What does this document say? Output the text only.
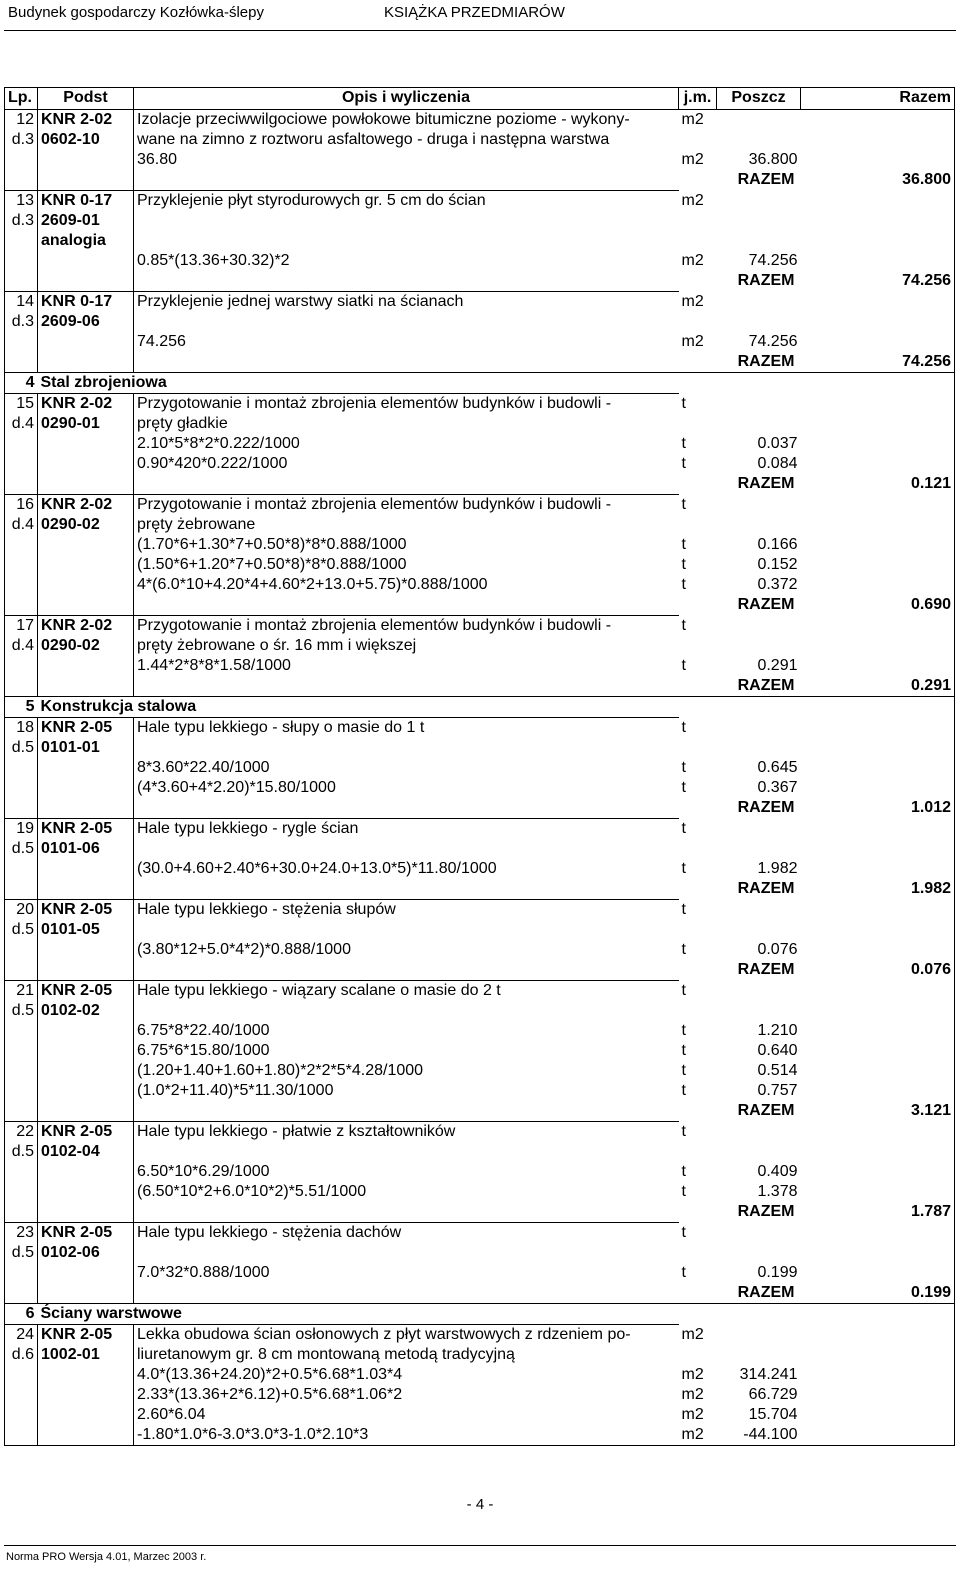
Budynek gospodarczy Kozłówka-ślepy	KSIĄŻKA PRZEDMIARÓW
Lp.	Podst	Opis i wyliczenia	j.m.	Poszcz	Razem
12	KNR 2-02	Izolacje przeciwwilgociowe powłokowe bitumiczne poziome - wykony-	m2		
d.3	0602-10	wane na zimno z roztworu asfaltowego - druga i następna warstwa			
		36.80	m2	36.800	
		RAZEM			36.800
13	KNR 0-17	Przyklejenie płyt styrodurowych gr. 5 cm do ścian	m2		
d.3	2609-01				
	analogia				
		0.85*(13.36+30.32)*2	m2	74.256	
		RAZEM			74.256
14	KNR 0-17	Przyklejenie jednej warstwy siatki na ścianach	m2		
d.3	2609-06				
		74.256	m2	74.256	
		RAZEM			74.256
4	Stal zbrojeniowa				
15	KNR 2-02	Przygotowanie i montaż zbrojenia elementów budynków i budowli -	t		
d.4	0290-01	pręty gładkie			
		2.10*5*8*2*0.222/1000	t	0.037	
		0.90*420*0.222/1000	t	0.084	
		RAZEM			0.121
16	KNR 2-02	Przygotowanie i montaż zbrojenia elementów budynków i budowli -	t		
d.4	0290-02	pręty żebrowane			
		(1.70*6+1.30*7+0.50*8)*8*0.888/1000	t	0.166	
		(1.50*6+1.20*7+0.50*8)*8*0.888/1000	t	0.152	
		4*(6.0*10+4.20*4+4.60*2+13.0+5.75)*0.888/1000	t	0.372	
		RAZEM			0.690
17	KNR 2-02	Przygotowanie i montaż zbrojenia elementów budynków i budowli -	t		
d.4	0290-02	pręty żebrowane o śr. 16 mm i większej			
		1.44*2*8*8*1.58/1000	t	0.291	
		RAZEM			0.291
5	Konstrukcja stalowa				
18	KNR 2-05	Hale typu lekkiego - słupy o masie do 1 t	t		
d.5	0101-01				
		8*3.60*22.40/1000	t	0.645	
		(4*3.60+4*2.20)*15.80/1000	t	0.367	
		RAZEM			1.012
19	KNR 2-05	Hale typu lekkiego - rygle ścian	t		
d.5	0101-06				
		(30.0+4.60+2.40*6+30.0+24.0+13.0*5)*11.80/1000	t	1.982	
		RAZEM			1.982
20	KNR 2-05	Hale typu lekkiego - stężenia słupów	t		
d.5	0101-05				
		(3.80*12+5.0*4*2)*0.888/1000	t	0.076	
		RAZEM			0.076
21	KNR 2-05	Hale typu lekkiego - wiązary scalane o masie do 2 t	t		
d.5	0102-02				
		6.75*8*22.40/1000	t	1.210	
		6.75*6*15.80/1000	t	0.640	
		(1.20+1.40+1.60+1.80)*2*2*5*4.28/1000	t	0.514	
		(1.0*2+11.40)*5*11.30/1000	t	0.757	
		RAZEM			3.121
22	KNR 2-05	Hale typu lekkiego - płatwie z kształtowników	t		
d.5	0102-04				
		6.50*10*6.29/1000	t	0.409	
		(6.50*10*2+6.0*10*2)*5.51/1000	t	1.378	
		RAZEM			1.787
23	KNR 2-05	Hale typu lekkiego - stężenia dachów	t		
d.5	0102-06				
		7.0*32*0.888/1000	t	0.199	
		RAZEM			0.199
6	Ściany warstwowe				
24	KNR 2-05	Lekka obudowa ścian osłonowych z płyt warstwowych z rdzeniem po-	m2		
d.6	1002-01	liuretanowym gr. 8 cm montowaną metodą tradycyjną			
		4.0*(13.36+24.20)*2+0.5*6.68*1.03*4	m2	314.241	
		2.33*(13.36+2*6.12)+0.5*6.68*1.06*2	m2	66.729	
		2.60*6.04	m2	15.704	
		-1.80*1.0*6-3.0*3.0*3-1.0*2.10*3	m2	-44.100	
- 4 -
Norma PRO Wersja 4.01, Marzec 2003 r.
